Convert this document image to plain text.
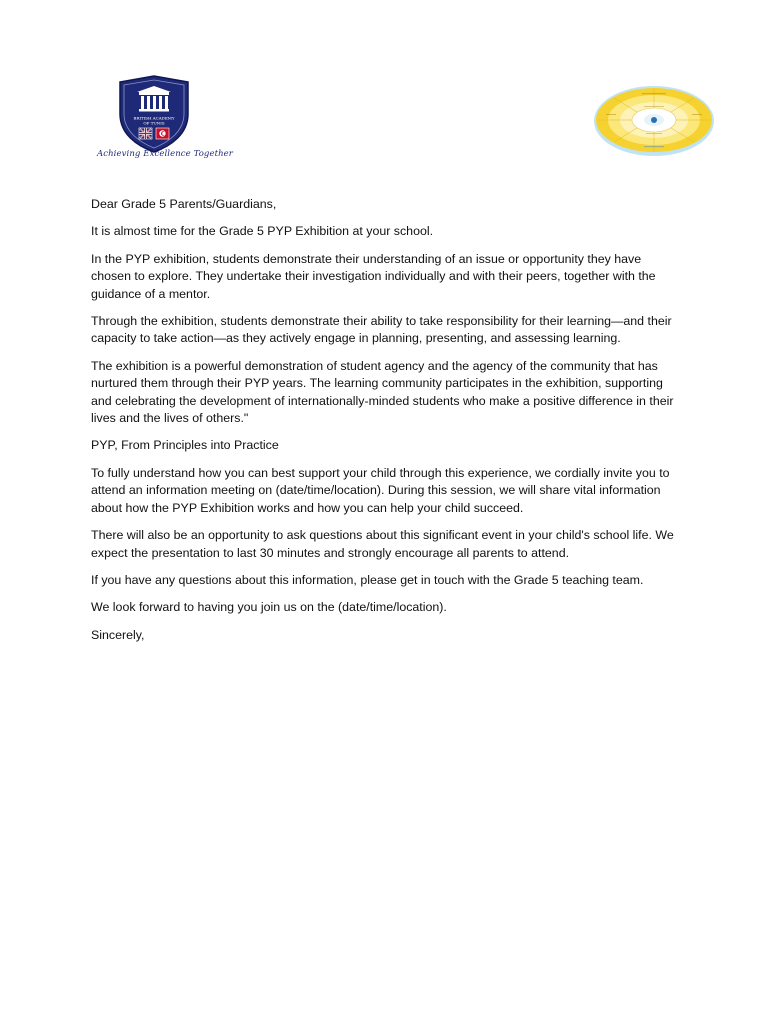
BRITISH ACADEMY
OF TUNIS
Achieving Excellence Together

Dear Grade 5 Parents/Guardians,

It is almost time for the Grade 5 PYP Exhibition at your school.

In the PYP exhibition, students demonstrate their understanding of an issue or opportunity they have chosen to explore. They undertake their investigation individually and with their peers, together with the guidance of a mentor.

Through the exhibition, students demonstrate their ability to take responsibility for their learning—and their capacity to take action—as they actively engage in planning, presenting, and assessing learning.

The exhibition is a powerful demonstration of student agency and the agency of the community that has nurtured them through their PYP years. The learning community participates in the exhibition, supporting and celebrating the development of internationally-minded students who make a positive difference in their lives and the lives of others."

PYP, From Principles into Practice

To fully understand how you can best support your child through this experience, we cordially invite you to attend an information meeting on (date/time/location). During this session, we will share vital information about how the PYP Exhibition works and how you can help your child succeed.

There will also be an opportunity to ask questions about this significant event in your child's school life. We expect the presentation to last 30 minutes and strongly encourage all parents to attend.

If you have any questions about this information, please get in touch with the Grade 5 teaching team.

We look forward to having you join us on the (date/time/location).

Sincerely,
